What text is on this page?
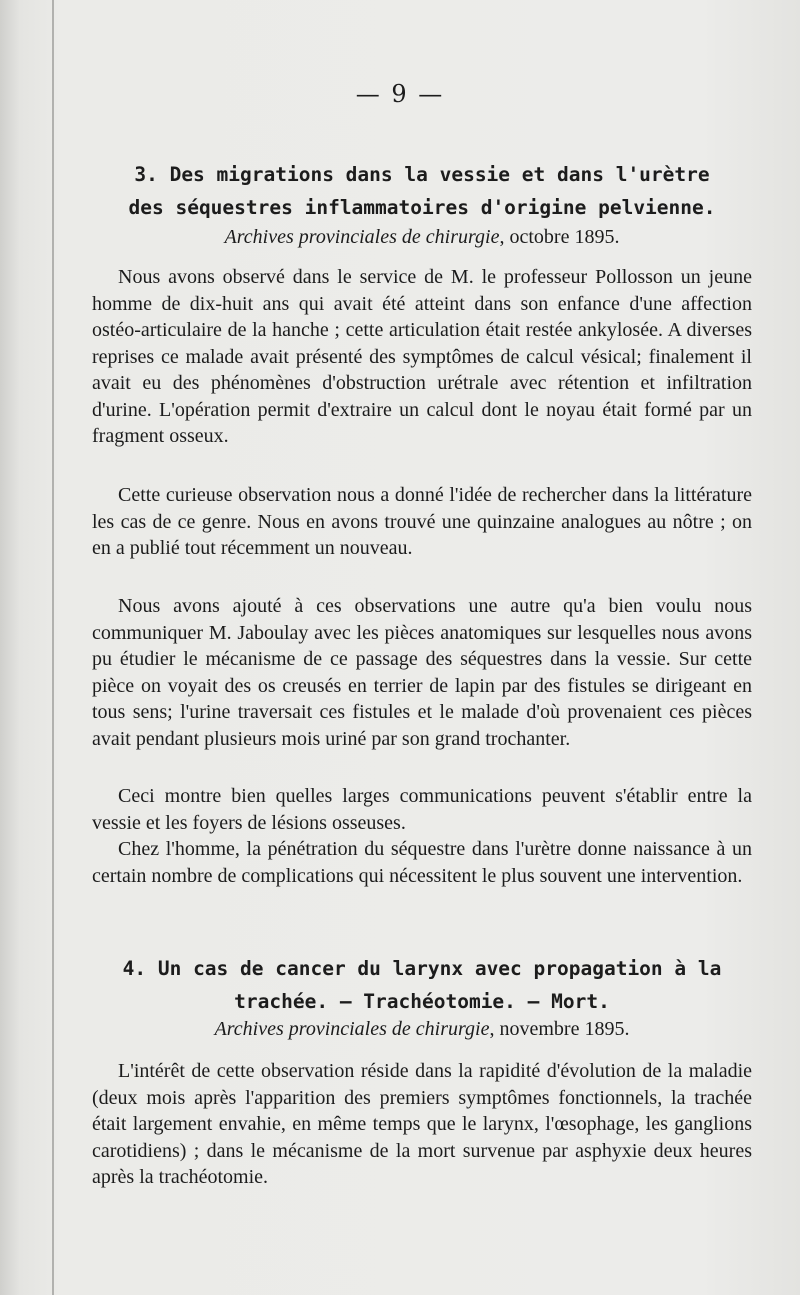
— 9 —
3. Des migrations dans la vessie et dans l'urètre
des séquestres inflammatoires d'origine pelvienne.
Archives provinciales de chirurgie, octobre 1895.

Nous avons observé dans le service de M. le professeur Pollosson un jeune homme de dix-huit ans qui avait été atteint dans son enfance d'une affection ostéo-articulaire de la hanche ; cette articulation était restée ankylosée. A diverses reprises ce malade avait présenté des symptômes de calcul vésical; finalement il avait eu des phénomènes d'obstruction urétrale avec rétention et infiltration d'urine. L'opération permit d'extraire un calcul dont le noyau était formé par un fragment osseux.

Cette curieuse observation nous a donné l'idée de rechercher dans la littérature les cas de ce genre. Nous en avons trouvé une quinzaine analogues au nôtre ; on en a publié tout récemment un nouveau.

Nous avons ajouté à ces observations une autre qu'a bien voulu nous communiquer M. Jaboulay avec les pièces anatomiques sur lesquelles nous avons pu étudier le mécanisme de ce passage des séquestres dans la vessie. Sur cette pièce on voyait des os creusés en terrier de lapin par des fistules se dirigeant en tous sens; l'urine traversait ces fistules et le malade d'où provenaient ces pièces avait pendant plusieurs mois uriné par son grand trochanter.

Ceci montre bien quelles larges communications peuvent s'établir entre la vessie et les foyers de lésions osseuses.

Chez l'homme, la pénétration du séquestre dans l'urètre donne naissance à un certain nombre de complications qui nécessitent le plus souvent une intervention.

4. Un cas de cancer du larynx avec propagation à la
trachée. — Trachéotomie. — Mort.
Archives provinciales de chirurgie, novembre 1895.

L'intérêt de cette observation réside dans la rapidité d'évolution de la maladie (deux mois après l'apparition des premiers symptômes fonctionnels, la trachée était largement envahie, en même temps que le larynx, l'œsophage, les ganglions carotidiens) ; dans le mécanisme de la mort survenue par asphyxie deux heures après la trachéotomie.
